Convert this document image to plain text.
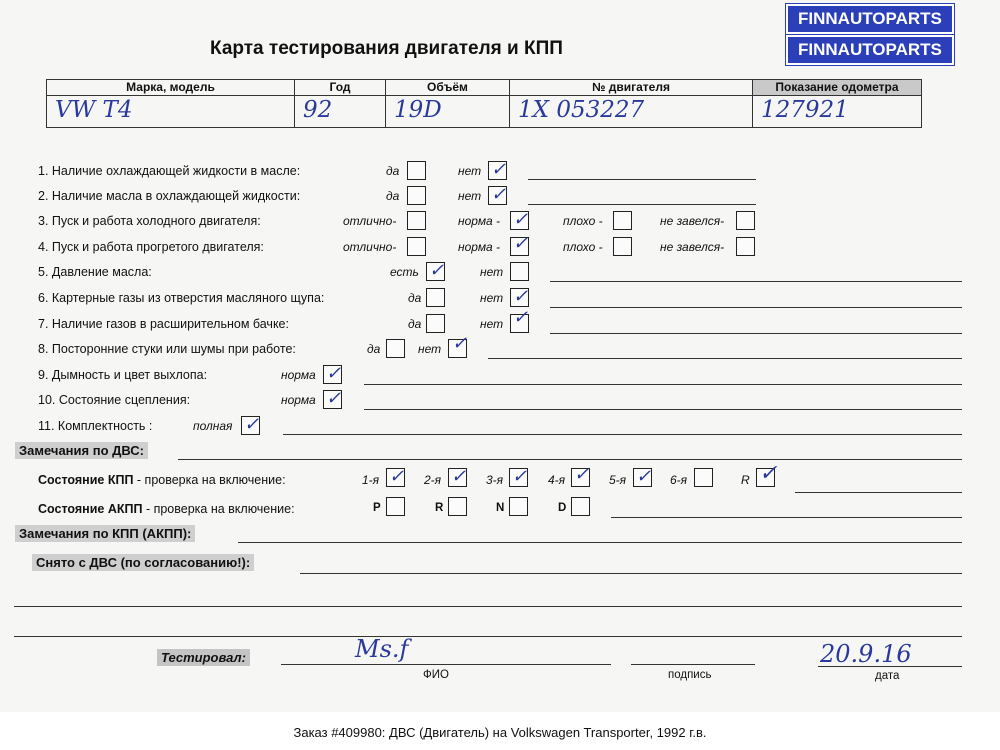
Карта тестирования двигателя и КПП
FINNAUTOPARTS
FINNAUTOPARTS
Марка, модель	Год	Объём	№ двигателя	Показание одометра
VW T4	92	19D	1X 053227	127921
1. Наличие охлаждающей жидкости в масле:	да	нет ✓
2. Наличие масла в охлаждающей жидкости:	да	нет ✓
3. Пуск и работа холодного двигателя:	отлично-	норма - ✓	плохо -	не завелся-
4. Пуск и работа прогретого двигателя:	отлично-	норма - ✓	плохо -	не завелся-
5. Давление масла:	есть ✓	нет
6. Картерные газы из отверстия масляного щупа:	да	нет ✓
7. Наличие газов в расширительном бачке:	да	нет ✓
8. Посторонние стуки или шумы при работе:	да	нет ✓
9. Дымность и цвет выхлопа:	норма ✓
10. Состояние сцепления:	норма ✓
11. Комплектность :	полная ✓
Замечания по ДВС:
Состояние КПП - проверка на включение:	1-я ✓ 2-я ✓ 3-я ✓ 4-я ✓ 5-я ✓ 6-я	R ✓
Состояние АКПП - проверка на включение:	P	R	N	D
Замечания по КПП (АКПП):
Снято с ДВС (по согласованию!):
Тестировал:	Ms.f
ФИО	подпись
20.9.16
дата
Заказ #409980: ДВС (Двигатель) на Volkswagen Transporter, 1992 г.в.
